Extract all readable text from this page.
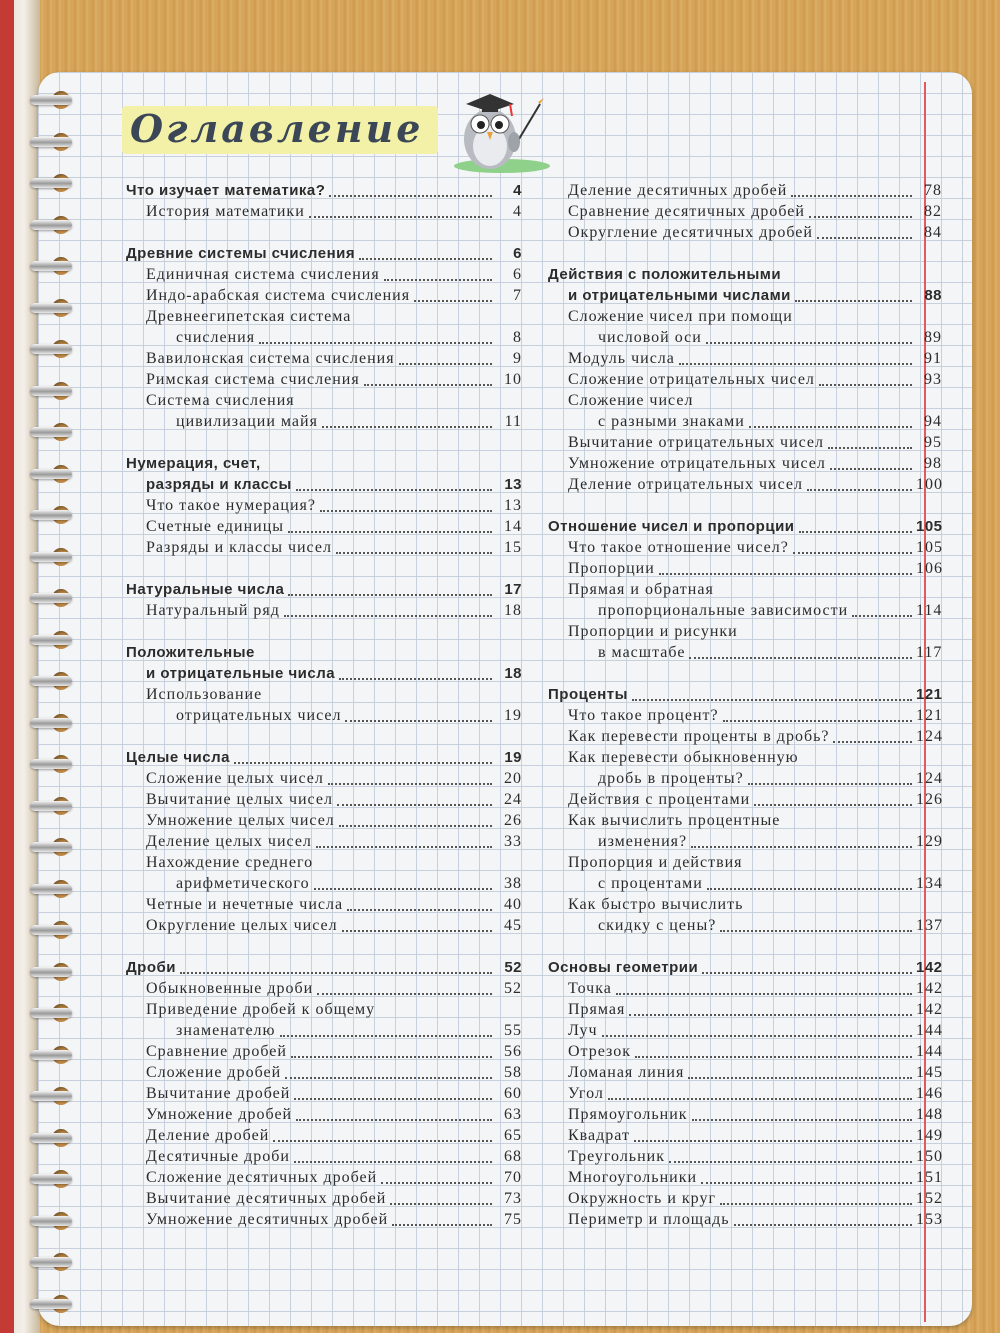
Оглавление
Что изучает математика?	4
История математики	4
Древние системы счисления	6
Единичная система счисления	6
Индо-арабская система счисления	7
Древнеегипетская система
счисления	8
Вавилонская система счисления	9
Римская система счисления	10
Система счисления
цивилизации майя	11
Нумерация, счет,
разряды и классы	13
Что такое нумерация?	13
Счетные единицы	14
Разряды и классы чисел	15
Натуральные числа	17
Натуральный ряд	18
Положительные
и отрицательные числа	18
Использование
отрицательных чисел	19
Целые числа	19
Сложение целых чисел	20
Вычитание целых чисел	24
Умножение целых чисел	26
Деление целых чисел	33
Нахождение среднего
арифметического	38
Четные и нечетные числа	40
Округление целых чисел	45
Дроби	52
Обыкновенные дроби	52
Приведение дробей к общему
знаменателю	55
Сравнение дробей	56
Сложение дробей	58
Вычитание дробей	60
Умножение дробей	63
Деление дробей	65
Десятичные дроби	68
Сложение десятичных дробей	70
Вычитание десятичных дробей	73
Умножение десятичных дробей	75
Деление десятичных дробей	78
Сравнение десятичных дробей	82
Округление десятичных дробей	84
Действия с положительными
и отрицательными числами	88
Сложение чисел при помощи
числовой оси	89
Модуль числа	91
Сложение отрицательных чисел	93
Сложение чисел
с разными знаками	94
Вычитание отрицательных чисел	95
Умножение отрицательных чисел	98
Деление отрицательных чисел	100
Отношение чисел и пропорции	105
Что такое отношение чисел?	105
Пропорции	106
Прямая и обратная
пропорциональные зависимости	114
Пропорции и рисунки
в масштабе	117
Проценты	121
Что такое процент?	121
Как перевести проценты в дробь?	124
Как перевести обыкновенную
дробь в проценты?	124
Действия с процентами	126
Как вычислить процентные
изменения?	129
Пропорция и действия
с процентами	134
Как быстро вычислить
скидку с цены?	137
Основы геометрии	142
Точка	142
Прямая	142
Луч	144
Отрезок	144
Ломаная линия	145
Угол	146
Прямоугольник	148
Квадрат	149
Треугольник	150
Многоугольники	151
Окружность и круг	152
Периметр и площадь	153
